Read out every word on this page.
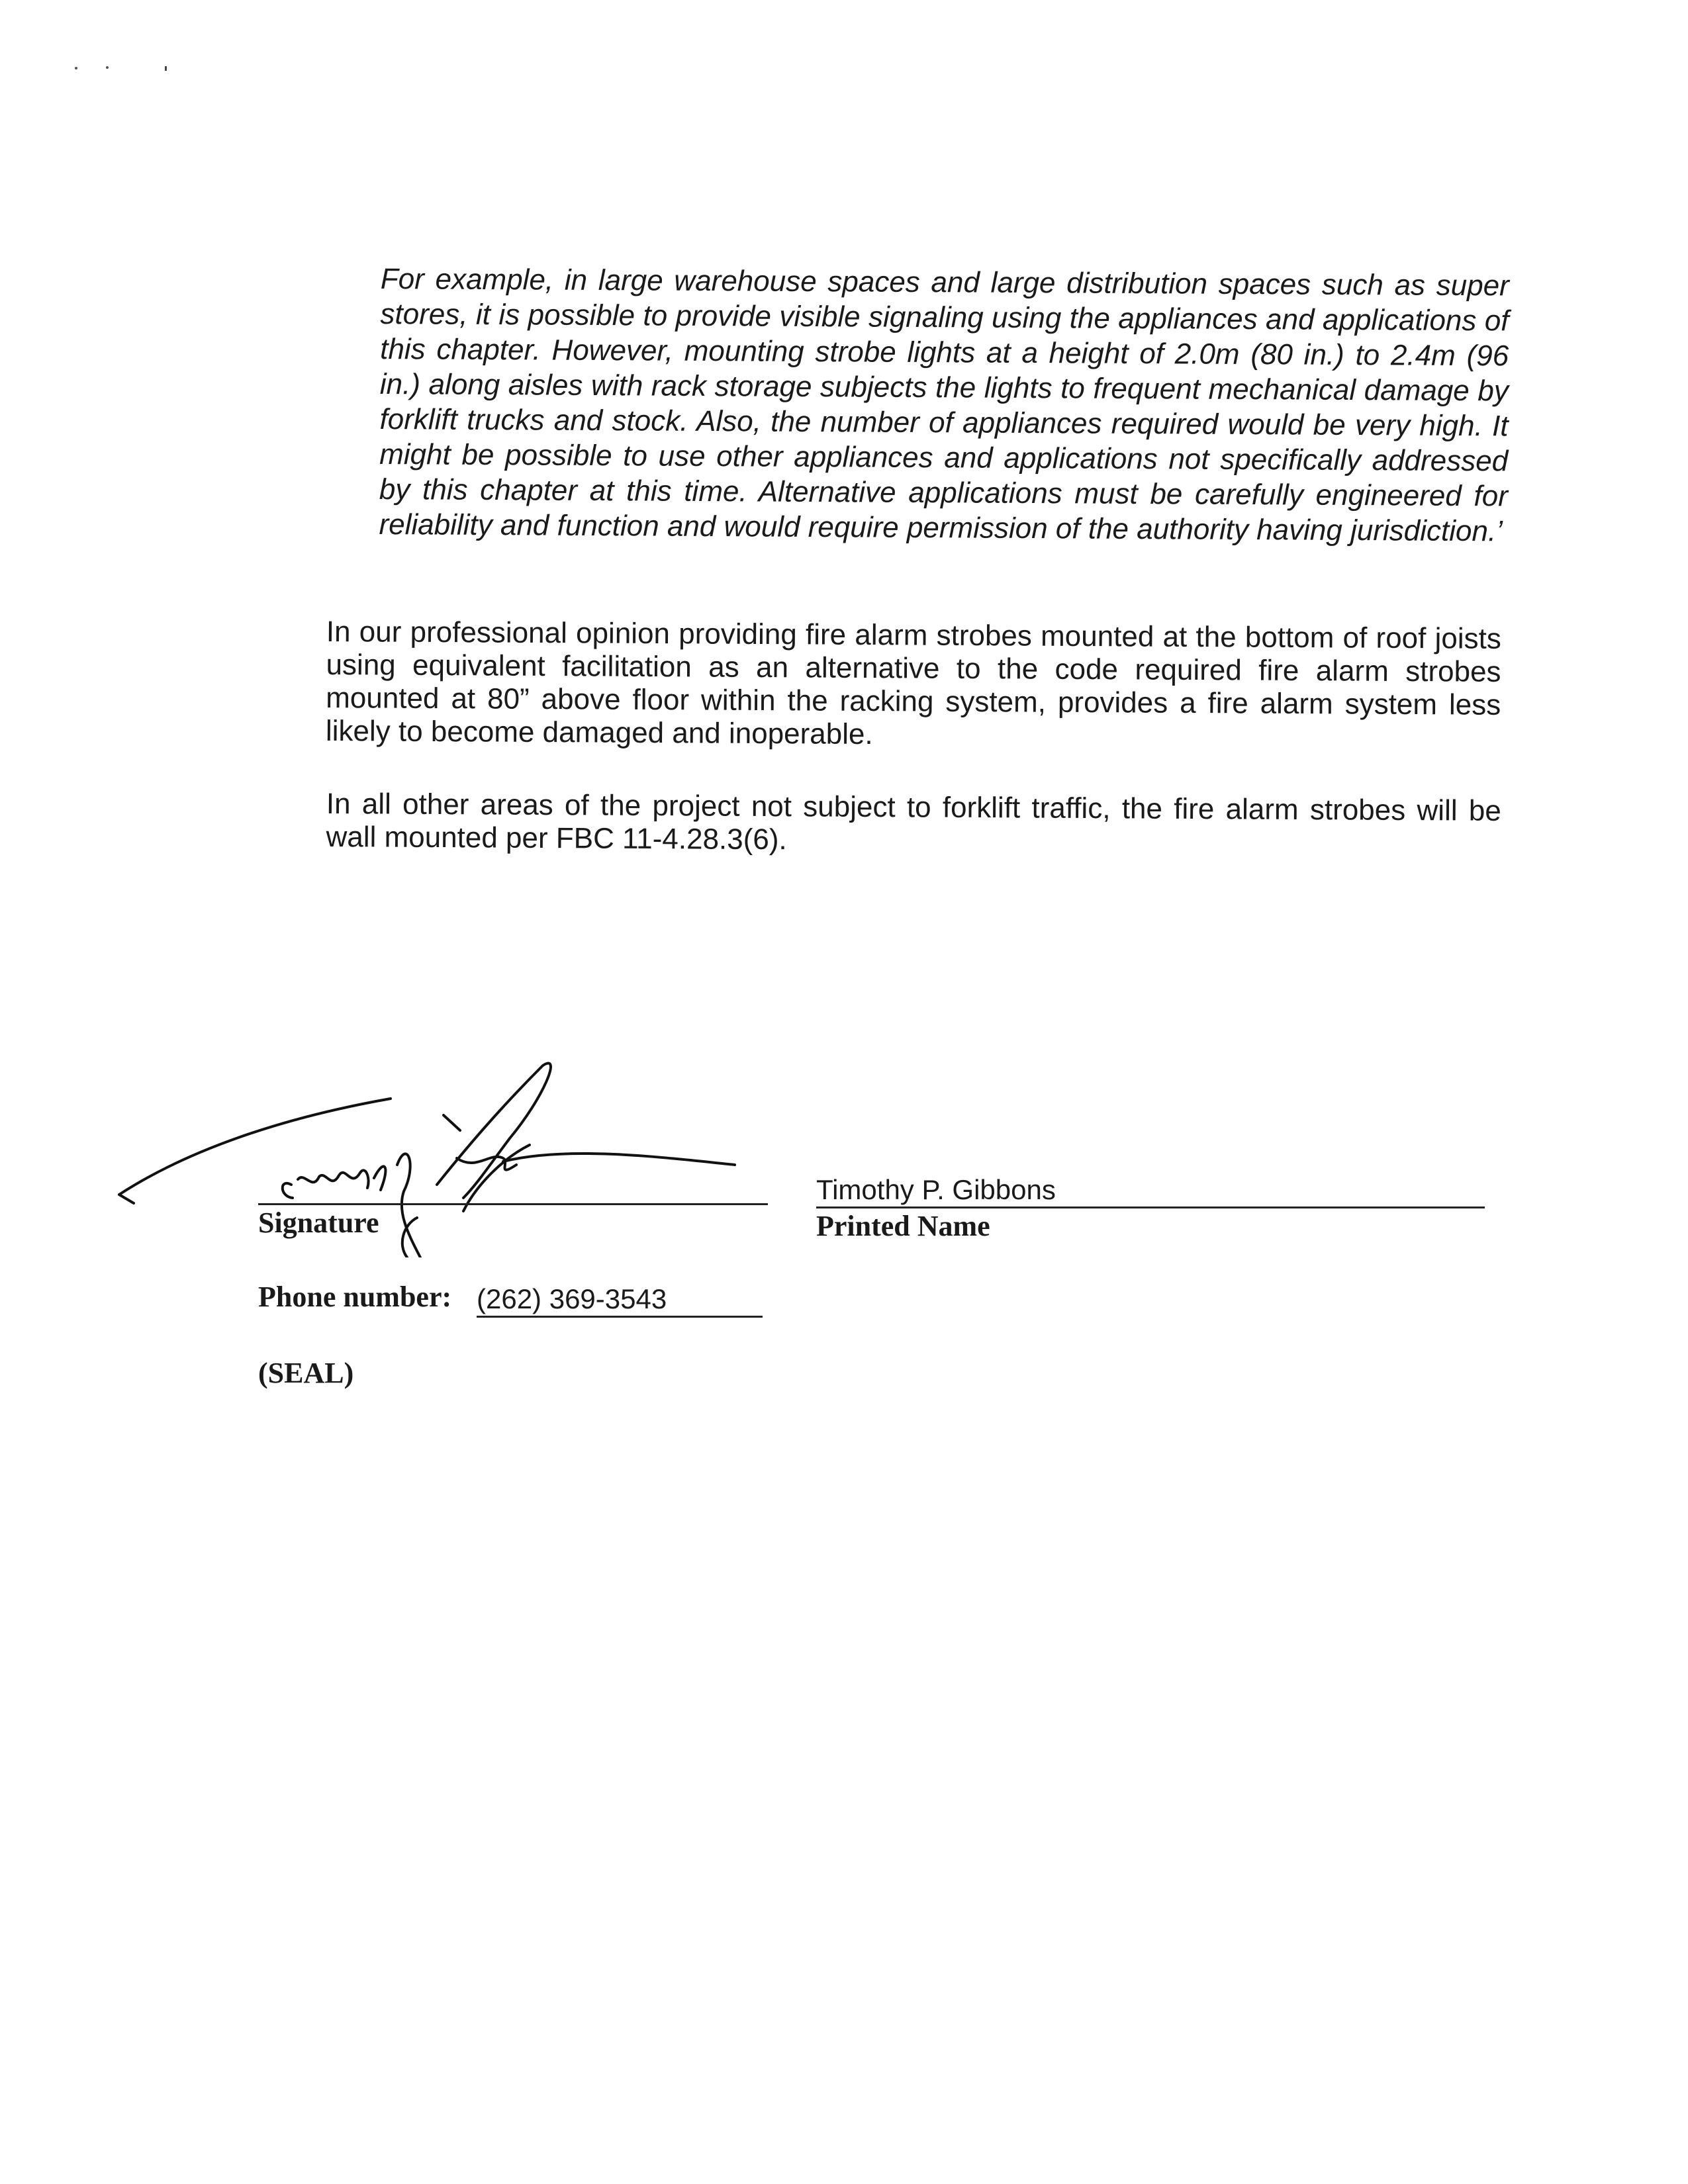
For example, in large warehouse spaces and large distribution spaces such as super stores, it is possible to provide visible signaling using the appliances and applications of this chapter. However, mounting strobe lights at a height of 2.0m (80 in.) to 2.4m (96 in.) along aisles with rack storage subjects the lights to frequent mechanical damage by forklift trucks and stock. Also, the number of appliances required would be very high. It might be possible to use other appliances and applications not specifically addressed by this chapter at this time. Alternative applications must be carefully engineered for reliability and function and would require permission of the authority having jurisdiction.’

In our professional opinion providing fire alarm strobes mounted at the bottom of roof joists using equivalent facilitation as an alternative to the code required fire alarm strobes mounted at 80” above floor within the racking system, provides a fire alarm system less likely to become damaged and inoperable.

In all other areas of the project not subject to forklift traffic, the fire alarm strobes will be wall mounted per FBC 11-4.28.3(6).

Signature

Timothy P. Gibbons

Printed Name

Phone number: (262) 369-3543

(SEAL)
